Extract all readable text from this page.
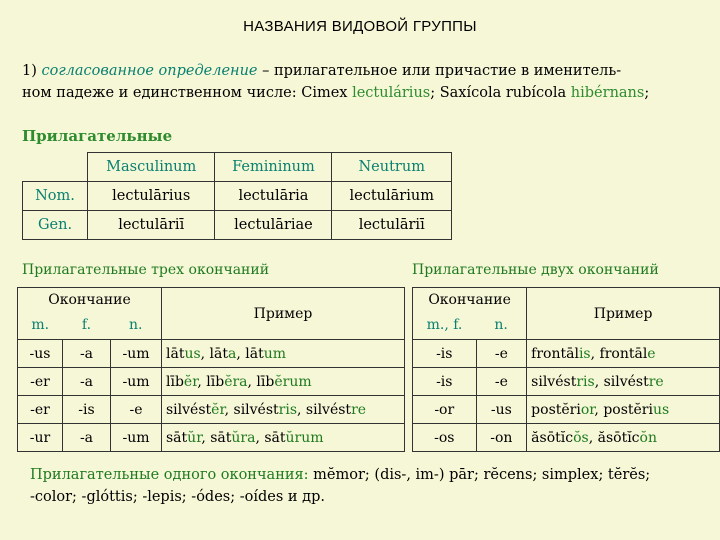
НАЗВАНИЯ ВИДОВОЙ ГРУППЫ
1) согласованное определение – прилагательное или причастие в именитель-
ном падеже и единственном числе: Cimex lectulárius; Saxícola rubícola hibérnans;
Прилагательные
	Masculinum	Femininum	Neutrum
Nom.	lectulārius	lectulāria	lectulārium
Gen.	lectulāriī	lectulāriae	lectulāriī
Прилагательные трех окончаний	Прилагательные двух окончаний
Окончание			Пример
m.	f.	n.	
-us	-a	-um	lātus, lāta, lātum
-er	-a	-um	lībĕr, lībĕra, lībĕrum
-er	-is	-e	silvéstĕr, silvéstris, silvéstre
-ur	-a	-um	sātŭr, sātŭra, sātŭrum
Окончание		Пример
m., f.	n.	
-is	-e	frontālis, frontāle
-is	-e	silvéstris, silvéstre
-or	-us	postĕrior, postĕrius
-os	-on	ăsōtĭcŏs, ăsōtĭcŏn
Прилагательные одного окончания: mĕmor; (dis-, im-) pār; rĕcens; simplex; tĕrĕs;
-color; -glóttis; -lepis; -ódes; -oídes и др.
